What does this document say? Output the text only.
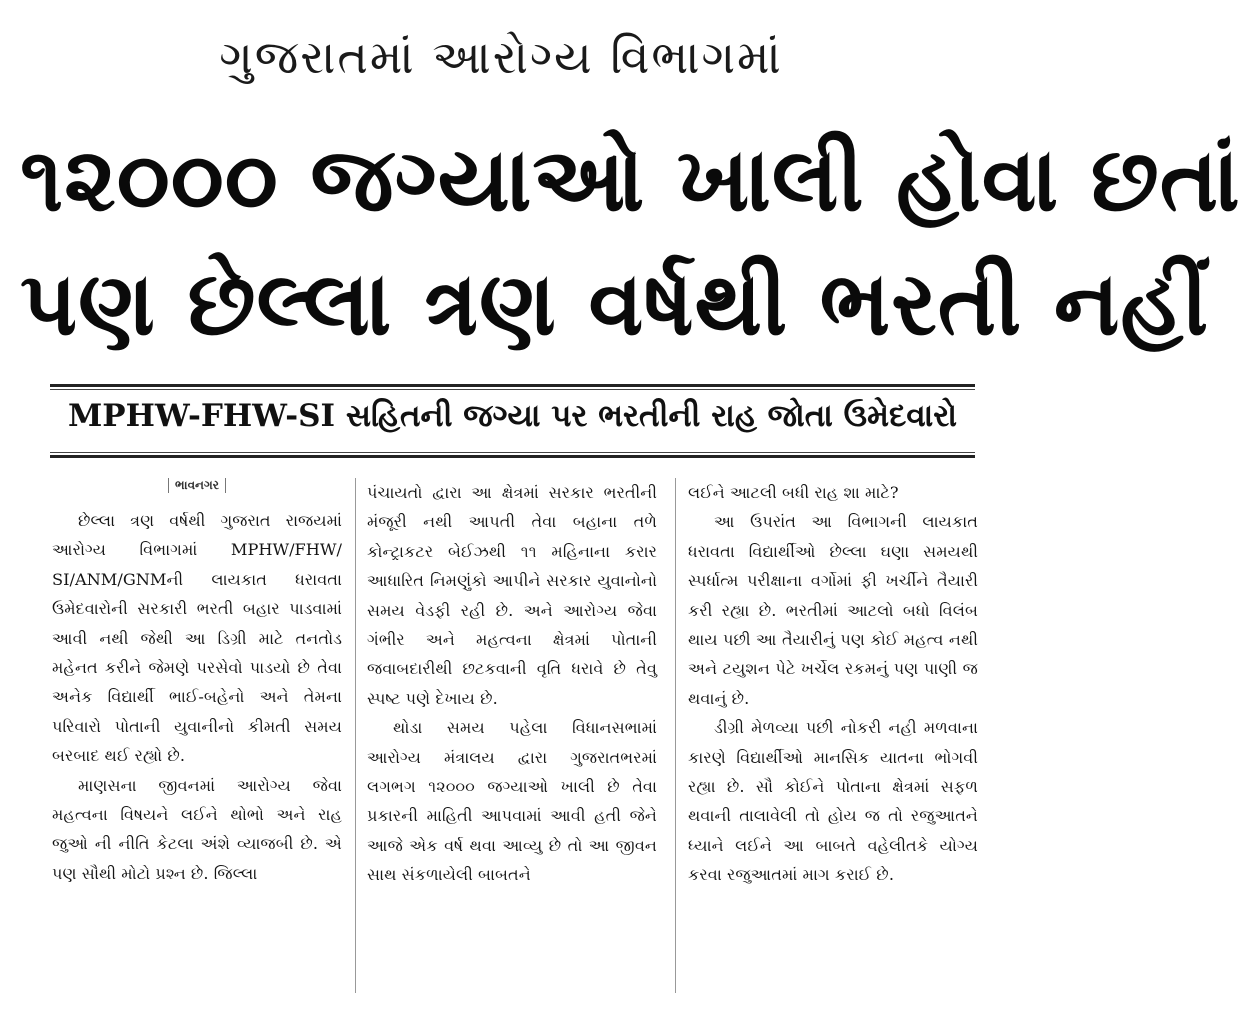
ગુજરાતમાં આરોગ્ય વિભાગમાં
૧૨૦૦૦ જગ્યાઓ ખાલી હોવા છતાં
પણ છેલ્લા ત્રણ વર્ષથી ભરતી નહીં
MPHW-FHW-SI સહિતની જગ્યા પર ભરતીની રાહ જોતા ઉમેદવારો
ભાવનગર

છેલ્લા ત્રણ વર્ષથી ગુજરાત રાજયમાં આરોગ્ય વિભાગમાં MPHW/FHW/ SI/ANM/GNMની લાયકાત ધરાવતા ઉમેદવારોની સરકારી ભરતી બહાર પાડવામાં આવી નથી જેથી આ ડિગ્રી માટે તનતોડ મહેનત કરીને જેમણે પરસેવો પાડયો છે તેવા અનેક વિદ્યાર્થી ભાઈ-બહેનો અને તેમના પરિવારો પોતાની યુવાનીનો કીમતી સમય બરબાદ થઈ રહ્યો છે.

માણસના જીવનમાં આરોગ્ય જેવા મહત્વના વિષયને લઈને થોભો અને રાહ જુઓ ની નીતિ કેટલા અંશે વ્યાજબી છે. એ પણ સૌથી મોટો પ્રશ્ન છે. જિલ્લા

પંચાયતો દ્વારા આ ક્ષેત્રમાં સરકાર ભરતીની મંજૂરી નથી આપતી તેવા બહાના તળે કોન્ટ્રાકટર બેઈઝથી ૧૧ મહિનાના કરાર આધારિત નિમણુંકો આપીને સરકાર યુવાનોનો સમય વેડફી રહી છે. અને આરોગ્ય જેવા ગંભીર અને મહત્વના ક્ષેત્રમાં પોતાની જવાબદારીથી છટકવાની વૃતિ ધરાવે છે તેવુ સ્પષ્ટ પણે દેખાય છે.

થોડા સમય પહેલા વિધાનસભામાં આરોગ્ય મંત્રાલય દ્વારા ગુજરાતભરમાં લગભગ ૧૨૦૦૦ જગ્યાઓ ખાલી છે તેવા પ્રકારની માહિતી આપવામાં આવી હતી જેને આજે એક વર્ષ થવા આવ્યુ છે તો આ જીવન સાથ સંકળાયેલી બાબતને

લઈને આટલી બધી રાહ શા માટે?

આ ઉપરાંત આ વિભાગની લાયકાત ધરાવતા વિદ્યાર્થીઓ છેલ્લા ઘણા સમયથી સ્પર્ધાત્મ પરીક્ષાના વર્ગોમાં ફી ખર્ચીને તૈયારી કરી રહ્યા છે. ભરતીમાં આટલો બધો વિલંબ થાય પછી આ તૈયારીનું પણ કોઈ મહત્વ નથી અને ટયુશન પેટે ખર્ચેલ રકમનું પણ પાણી જ થવાનું છે.

ડીગ્રી મેળવ્યા પછી નોકરી નહી મળવાના કારણે વિદ્યાર્થીઓ માનસિક યાતના ભોગવી રહ્યા છે. સૌ કોઈને પોતાના ક્ષેત્રમાં સફળ થવાની તાલાવેલી તો હોય જ તો રજુઆતને ધ્યાને લઈને આ બાબતે વહેલીતકે યોગ્ય કરવા રજુઆતમાં માગ કરાઈ છે.
